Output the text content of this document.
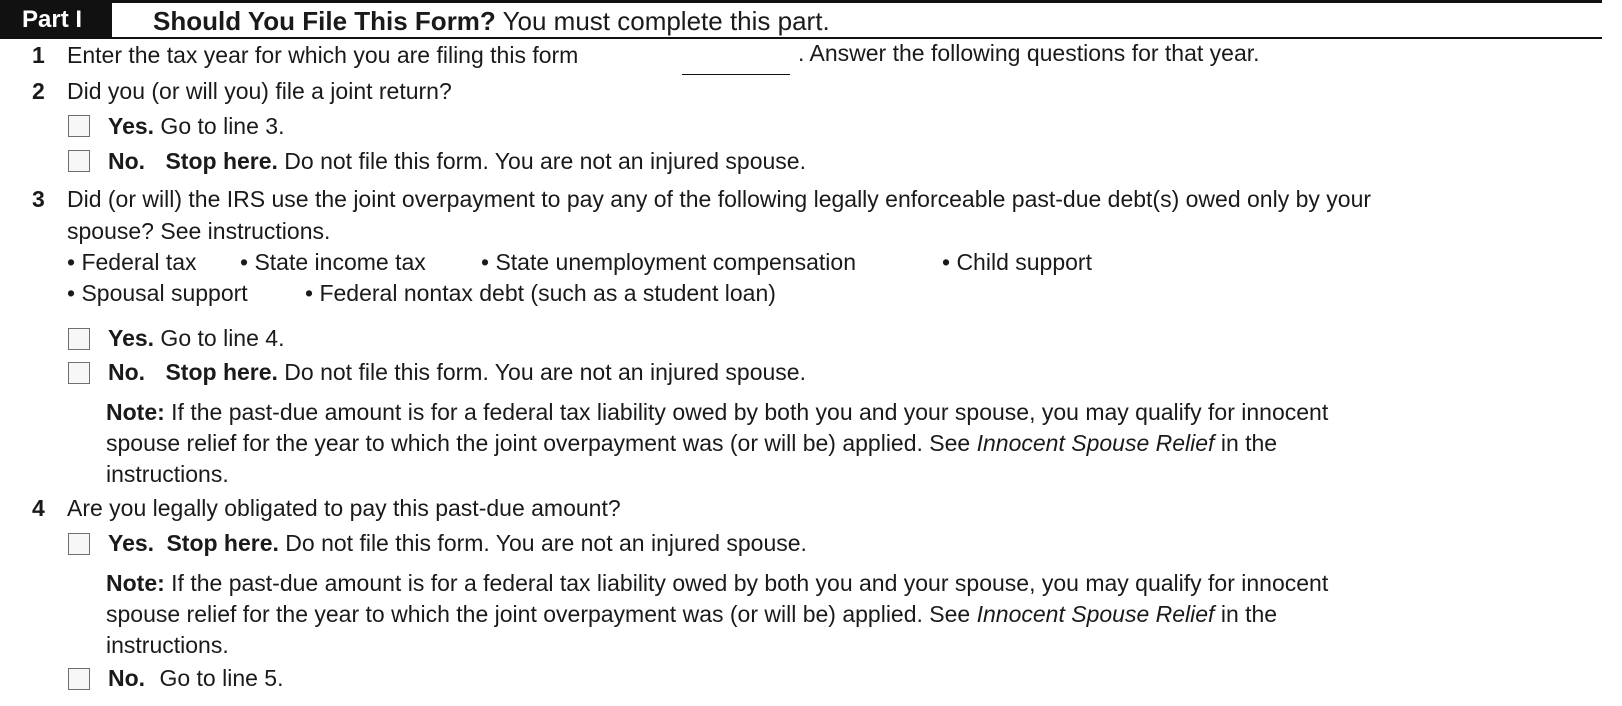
Part I	Should You File This Form? You must complete this part.
1 Enter the tax year for which you are filing this form	. Answer the following questions for that year.
2 Did you (or will you) file a joint return?
Yes. Go to line 3.
No. Stop here. Do not file this form. You are not an injured spouse.
3 Did (or will) the IRS use the joint overpayment to pay any of the following legally enforceable past-due debt(s) owed only by your
spouse? See instructions.
• Federal tax • State income tax • State unemployment compensation	• Child support
• Spousal support • Federal nontax debt (such as a student loan)
Yes. Go to line 4.
No. Stop here. Do not file this form. You are not an injured spouse.
Note: If the past-due amount is for a federal tax liability owed by both you and your spouse, you may qualify for innocent
spouse relief for the year to which the joint overpayment was (or will be) applied. See Innocent Spouse Relief in the
instructions.
4 Are you legally obligated to pay this past-due amount?
Yes. Stop here. Do not file this form. You are not an injured spouse.
Note: If the past-due amount is for a federal tax liability owed by both you and your spouse, you may qualify for innocent
spouse relief for the year to which the joint overpayment was (or will be) applied. See Innocent Spouse Relief in the
instructions.
No. Go to line 5.
